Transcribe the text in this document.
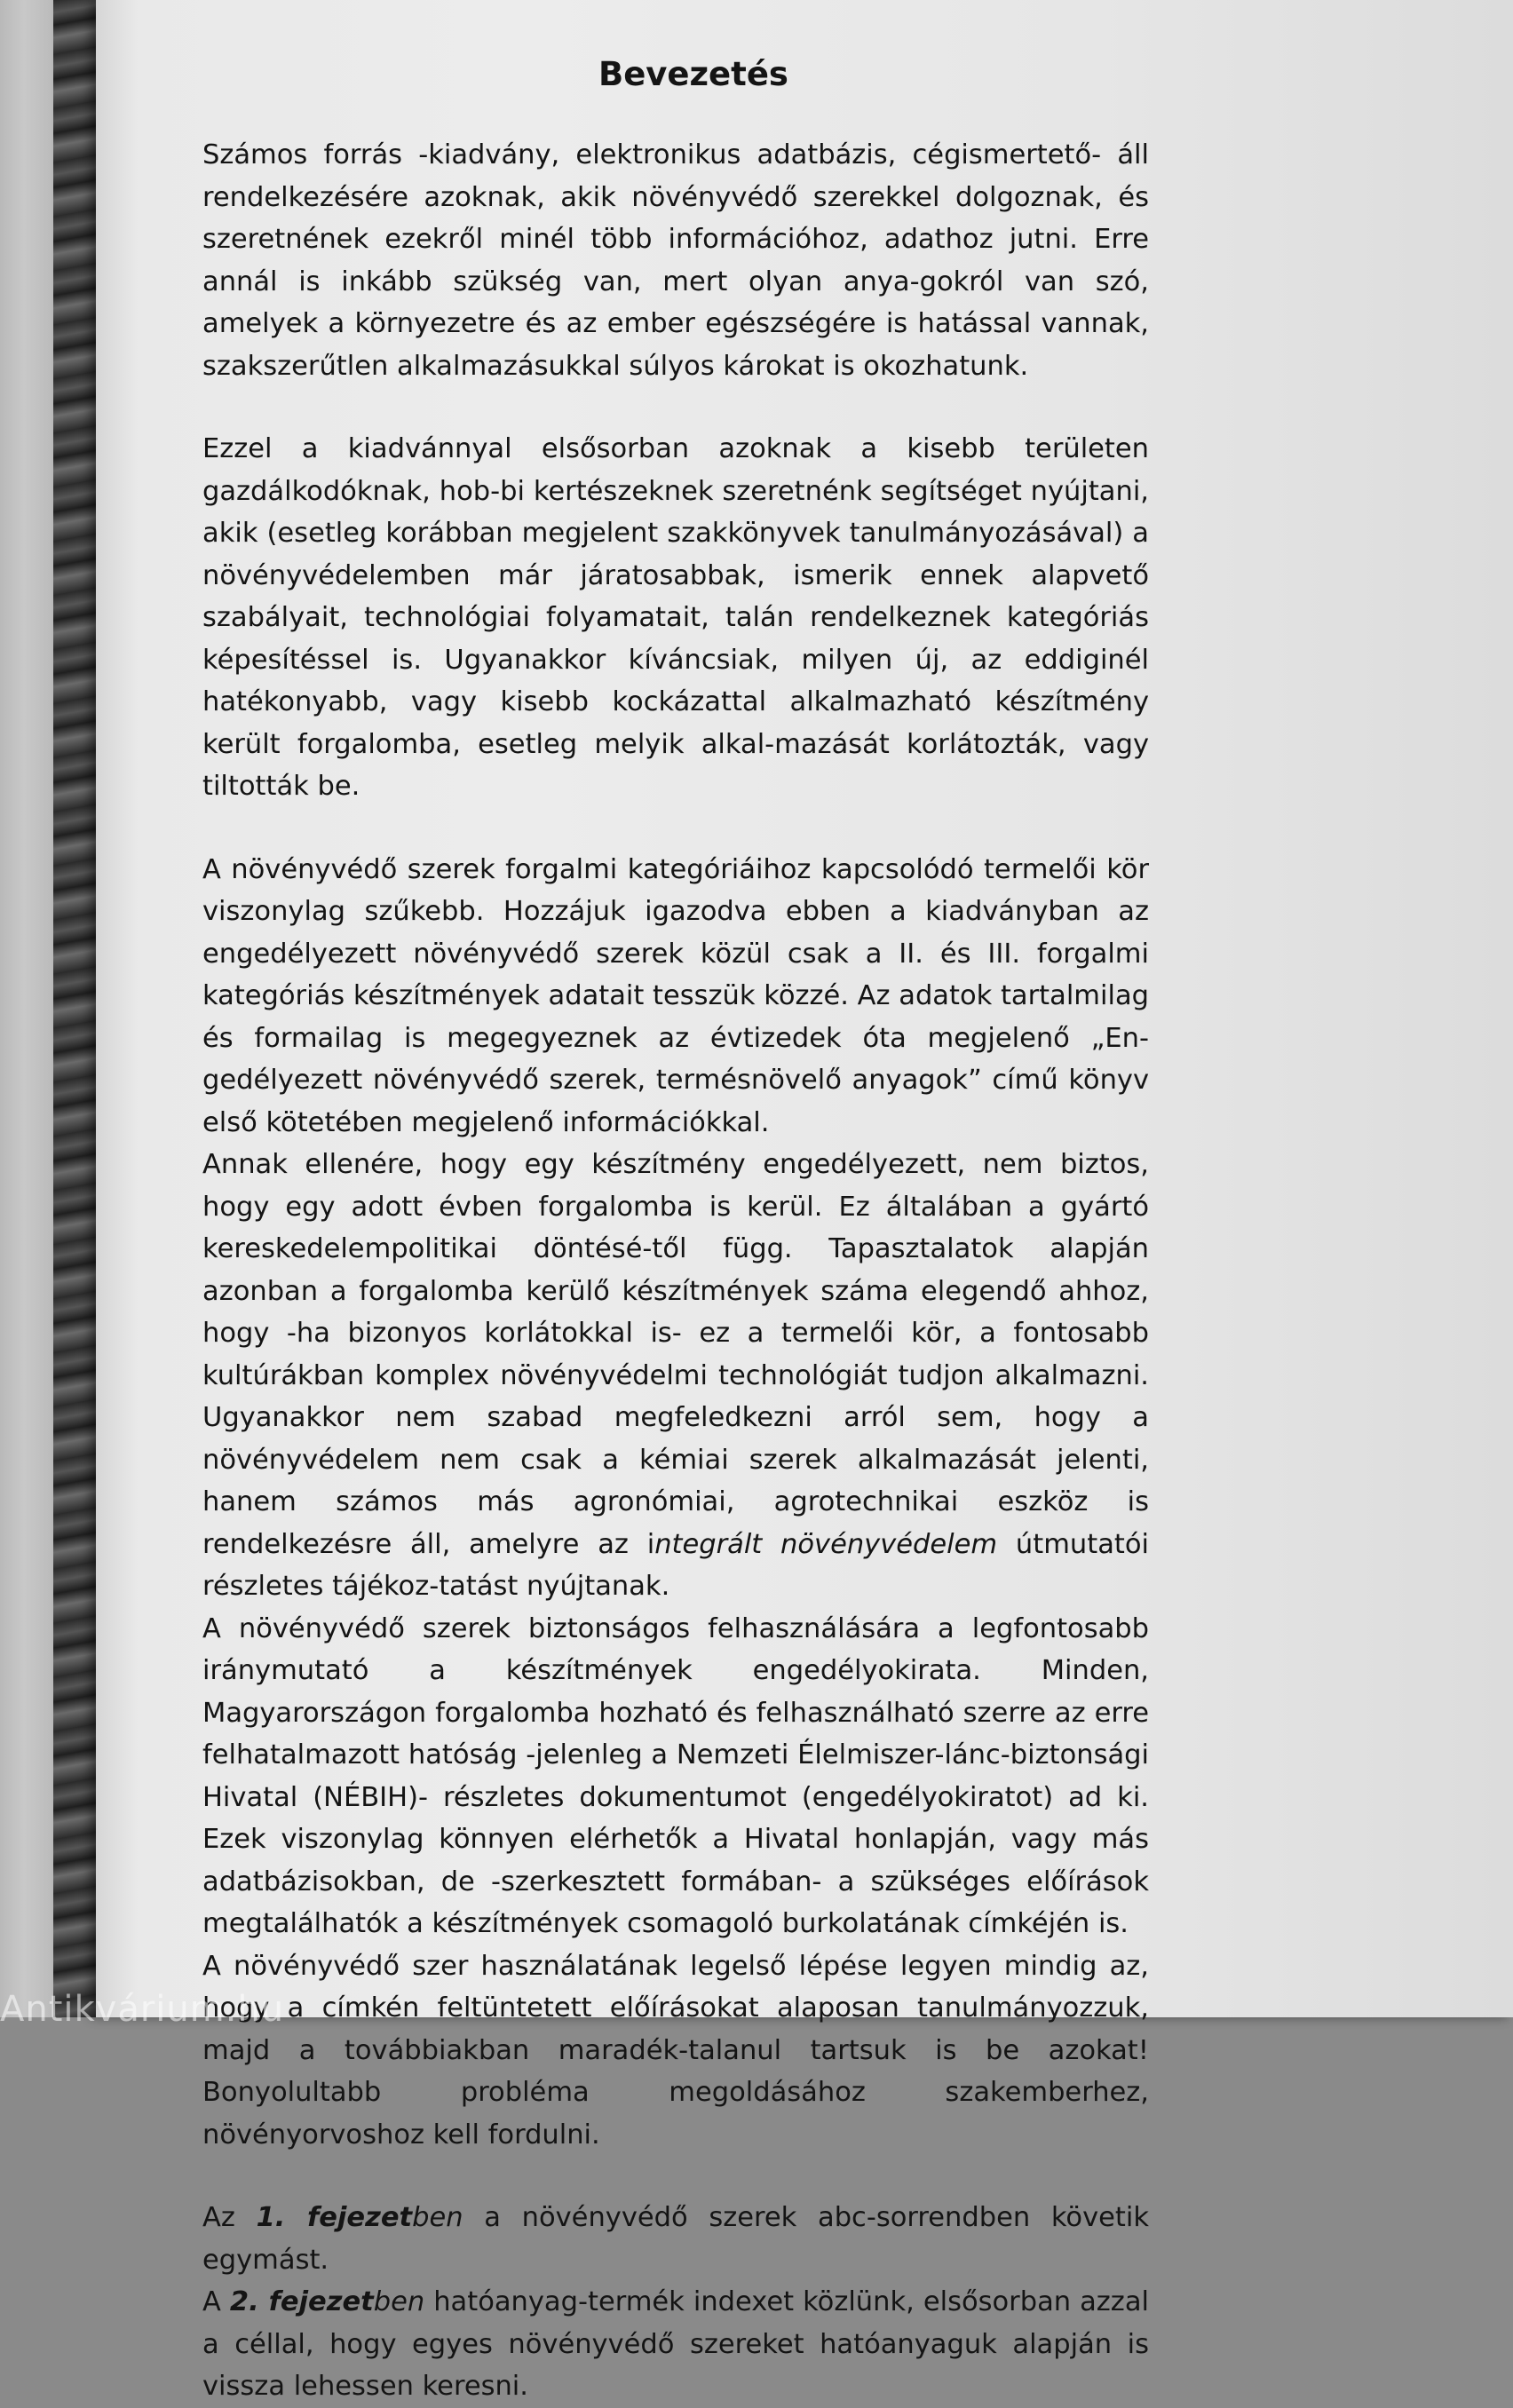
Bevezetés

Számos forrás -kiadvány, elektronikus adatbázis, cégismertető- áll rendelkezésére azoknak, akik növényvédő szerekkel dolgoznak, és szeretnének ezekről minél több információhoz, adathoz jutni. Erre annál is inkább szükség van, mert olyan anya-gokról van szó, amelyek a környezetre és az ember egészségére is hatással vannak, szakszerűtlen alkalmazásukkal súlyos károkat is okozhatunk.

Ezzel a kiadvánnyal elsősorban azoknak a kisebb területen gazdálkodóknak, hob-bi kertészeknek szeretnénk segítséget nyújtani, akik (esetleg korábban megjelent szakkönyvek tanulmányozásával) a növényvédelemben már járatosabbak, ismerik ennek alapvető szabályait, technológiai folyamatait, talán rendelkeznek kategóriás képesítéssel is. Ugyanakkor kíváncsiak, milyen új, az eddiginél hatékonyabb, vagy kisebb kockázattal alkalmazható készítmény került forgalomba, esetleg melyik alkal-mazását korlátozták, vagy tiltották be.

A növényvédő szerek forgalmi kategóriáihoz kapcsolódó termelői kör viszonylag szűkebb. Hozzájuk igazodva ebben a kiadványban az engedélyezett növényvédő szerek közül csak a II. és III. forgalmi kategóriás készítmények adatait tesszük közzé. Az adatok tartalmilag és formailag is megegyeznek az évtizedek óta megjelenő „En-gedélyezett növényvédő szerek, termésnövelő anyagok” című könyv első kötetében megjelenő információkkal.

Annak ellenére, hogy egy készítmény engedélyezett, nem biztos, hogy egy adott évben forgalomba is kerül. Ez általában a gyártó kereskedelempolitikai döntésé-től függ. Tapasztalatok alapján azonban a forgalomba kerülő készítmények száma elegendő ahhoz, hogy -ha bizonyos korlátokkal is- ez a termelői kör, a fontosabb kultúrákban komplex növényvédelmi technológiát tudjon alkalmazni. Ugyanakkor nem szabad megfeledkezni arról sem, hogy a növényvédelem nem csak a kémiai szerek alkalmazását jelenti, hanem számos más agronómiai, agrotechnikai eszköz is rendelkezésre áll, amelyre az integrált növényvédelem útmutatói részletes tájékoz-tatást nyújtanak.

A növényvédő szerek biztonságos felhasználására a legfontosabb iránymutató a készítmények engedélyokirata. Minden, Magyarországon forgalomba hozható és felhasználható szerre az erre felhatalmazott hatóság -jelenleg a Nemzeti Élelmiszer-lánc-biztonsági Hivatal (NÉBIH)- részletes dokumentumot (engedélyokiratot) ad ki. Ezek viszonylag könnyen elérhetők a Hivatal honlapján, vagy más adatbázisokban, de -szerkesztett formában- a szükséges előírások megtalálhatók a készítmények csomagoló burkolatának címkéjén is.

A növényvédő szer használatának legelső lépése legyen mindig az, hogy a címkén feltüntetett előírásokat alaposan tanulmányozzuk, majd a továbbiakban maradék-talanul tartsuk is be azokat! Bonyolultabb probléma megoldásához szakemberhez, növényorvoshoz kell fordulni.

Az 1. fejezetben a növényvédő szerek abc-sorrendben követik egymást.

A 2. fejezetben hatóanyag-termék indexet közlünk, elsősorban azzal a céllal, hogy egyes növényvédő szereket hatóanyaguk alapján is vissza lehessen keresni.

Antikvárium.hu
